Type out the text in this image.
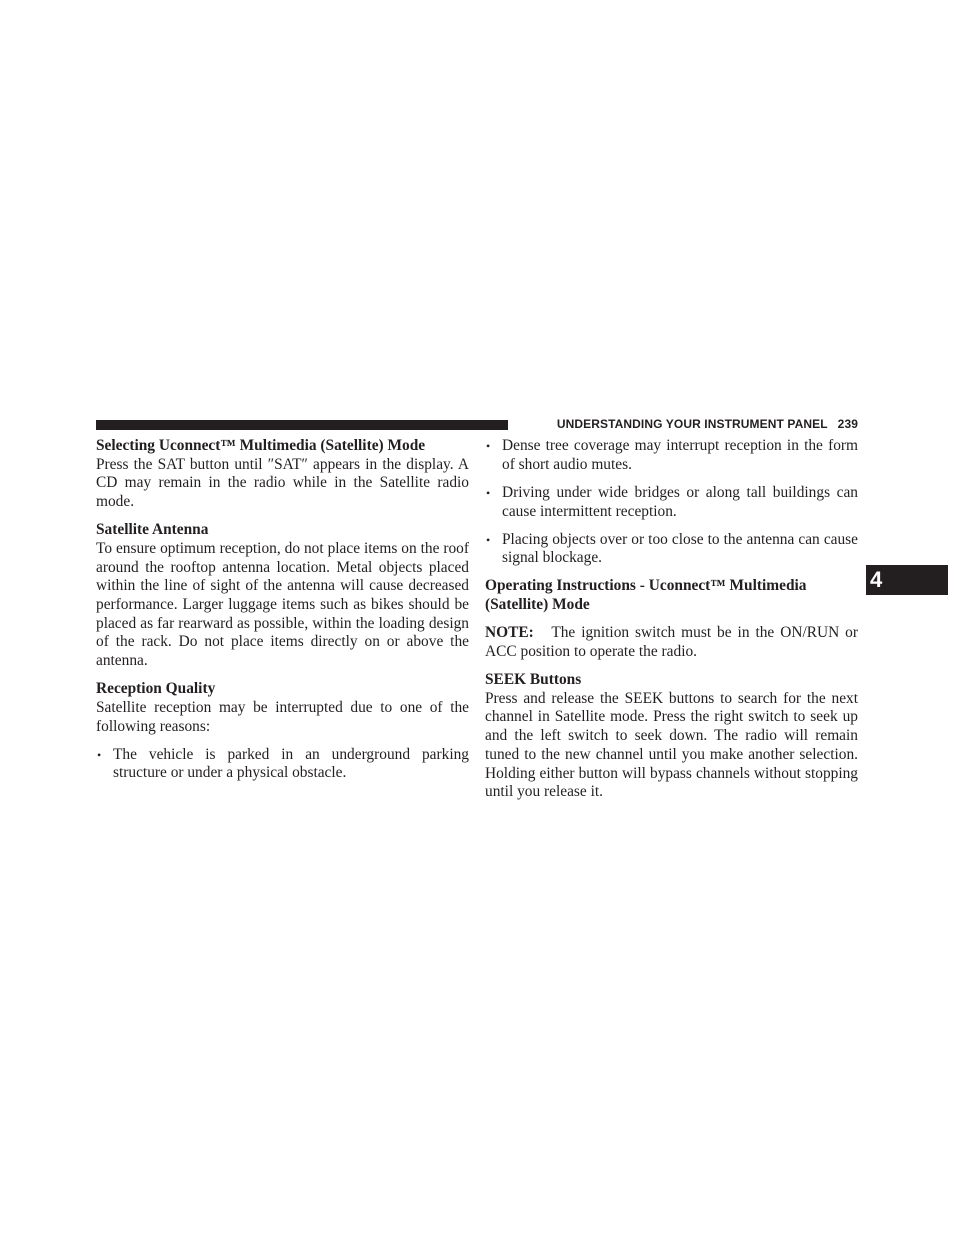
UNDERSTANDING YOUR INSTRUMENT PANEL 239
4
Selecting Uconnect™ Multimedia (Satellite) Mode

Press the SAT button until ″SAT″ appears in the display. A CD may remain in the radio while in the Satellite radio mode.

Satellite Antenna

To ensure optimum reception, do not place items on the roof around the rooftop antenna location. Metal objects placed within the line of sight of the antenna will cause decreased performance. Larger luggage items such as bikes should be placed as far rearward as possible, within the loading design of the rack. Do not place items directly on or above the antenna.

Reception Quality

Satellite reception may be interrupted due to one of the following reasons:

• The vehicle is parked in an underground parking structure or under a physical obstacle.
• Dense tree coverage may interrupt reception in the form of short audio mutes.
• Driving under wide bridges or along tall buildings can cause intermittent reception.
• Placing objects over or too close to the antenna can cause signal blockage.
Operating Instructions - Uconnect™ Multimedia (Satellite) Mode

NOTE: The ignition switch must be in the ON/RUN or ACC position to operate the radio.

SEEK Buttons

Press and release the SEEK buttons to search for the next channel in Satellite mode. Press the right switch to seek up and the left switch to seek down. The radio will remain tuned to the new channel until you make another selection. Holding either button will bypass channels without stopping until you release it.
